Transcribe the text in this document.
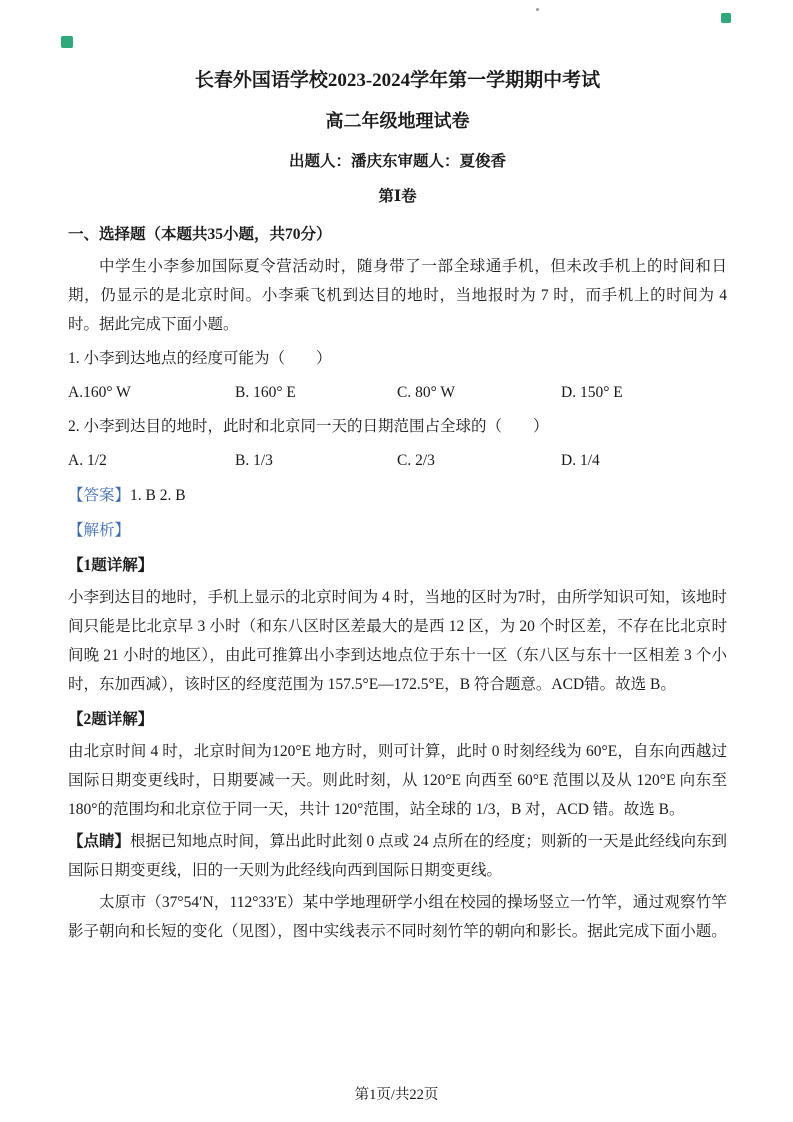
长春外国语学校2023-2024学年第一学期期中考试
高二年级地理试卷
出题人：潘庆东审题人：夏俊香
第Ⅰ卷
一、选择题（本题共35小题，共70分）

中学生小李参加国际夏令营活动时，随身带了一部全球通手机，但未改手机上的时间和日期，仍显示的是北京时间。小李乘飞机到达目的地时，当地报时为 7 时，而手机上的时间为 4 时。据此完成下面小题。

1. 小李到达地点的经度可能为（　　）

A.160° W	B. 160° E	C. 80° W	D. 150° E

2. 小李到达目的地时，此时和北京同一天的日期范围占全球的（　　）

A. 1/2	B. 1/3	C. 2/3	D. 1/4

【答案】1. B 2. B

【解析】

【1题详解】

小李到达目的地时，手机上显示的北京时间为 4 时，当地的区时为7时，由所学知识可知，该地时间只能是比北京早 3 小时（和东八区时区差最大的是西 12 区，为 20 个时区差，不存在比北京时间晚 21 小时的地区），由此可推算出小李到达地点位于东十一区（东八区与东十一区相差 3 个小时，东加西减），该时区的经度范围为 157.5°E—172.5°E，B 符合题意。ACD错。故选 B。

【2题详解】

由北京时间 4 时，北京时间为120°E 地方时，则可计算，此时 0 时刻经线为 60°E，自东向西越过国际日期变更线时，日期要减一天。则此时刻，从 120°E 向西至 60°E 范围以及从 120°E 向东至 180°的范围均和北京位于同一天，共计 120°范围，站全球的 1/3，B 对，ACD 错。故选 B。

【点睛】根据已知地点时间，算出此时此刻 0 点或 24 点所在的经度；则新的一天是此经线向东到国际日期变更线，旧的一天则为此经线向西到国际日期变更线。

太原市（37°54′N，112°33′E）某中学地理研学小组在校园的操场竖立一竹竿，通过观察竹竿影子朝向和长短的变化（见图），图中实线表示不同时刻竹竿的朝向和影长。据此完成下面小题。

第1页/共22页
